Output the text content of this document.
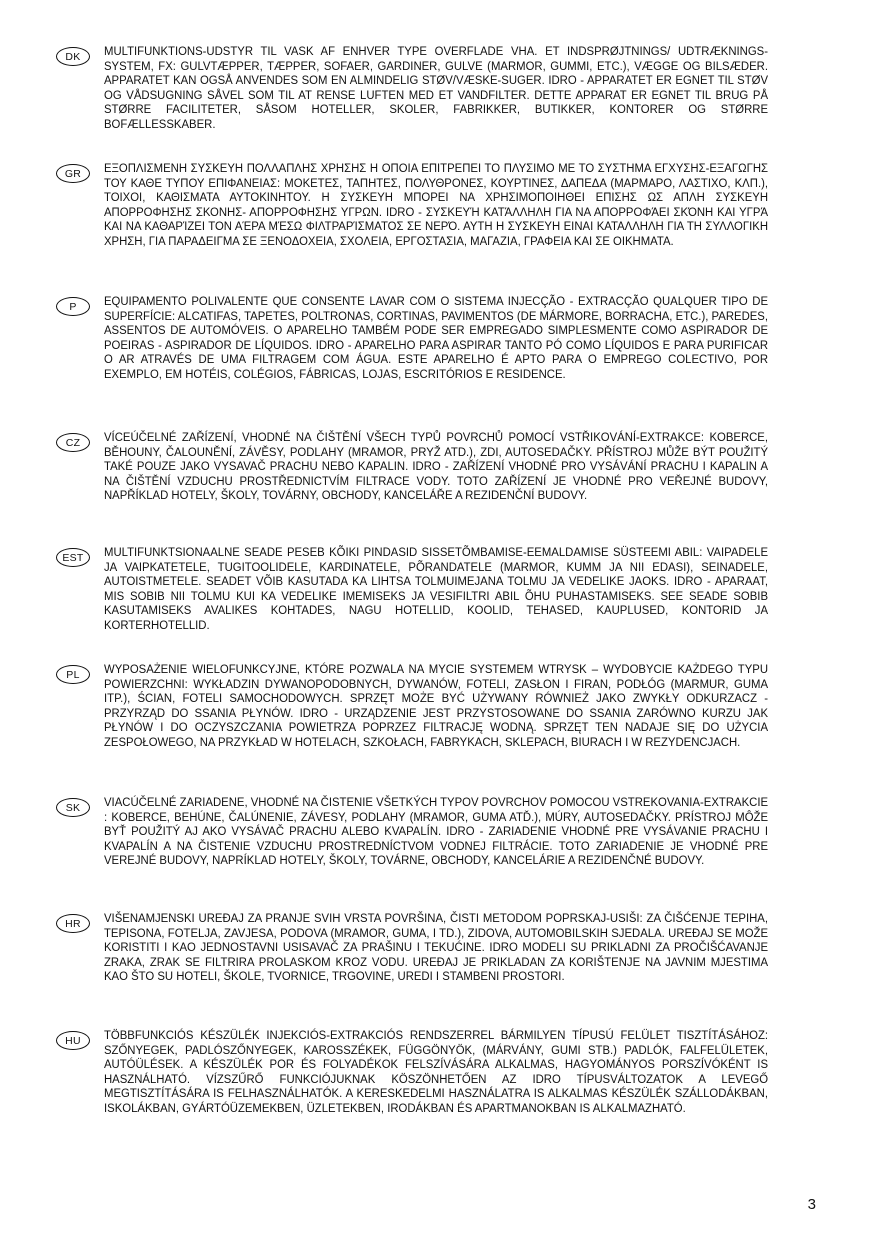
DK	MULTIFUNKTIONS-UDSTYR TIL VASK AF ENHVER TYPE OVERFLADE VHA. ET INDSPRØJTNINGS/ UDTRÆKNINGS-SYSTEM, FX: GULVTÆPPER, TÆPPER, SOFAER, GARDINER, GULVE (MARMOR, GUMMI, ETC.), VÆGGE OG BILSÆDER. APPARATET KAN OGSÅ ANVENDES SOM EN ALMINDELIG STØV/VÆSKE-SUGER. IDRO - APPARATET ER EGNET TIL STØV OG VÅDSUGNING SÅVEL SOM TIL AT RENSE LUFTEN MED ET VANDFILTER. DETTE APPARAT ER EGNET TIL BRUG PÅ STØRRE FACILITETER, SÅSOM HOTELLER, SKOLER, FABRIKKER, BUTIKKER, KONTORER OG STØRRE BOFÆLLESSKABER.
GR	ΕΞΟΠΛΙΣΜΕΝΗ ΣΥΣΚΕΥΗ ΠΟΛΛΑΠΛΗΣ ΧΡΗΣΗΣ Η ΟΠΟΙΑ ΕΠΙΤΡΕΠΕΙ ΤΟ ΠΛΥΣΙΜΟ ΜΕ ΤΟ ΣΥΣΤΗΜΑ ΕΓΧΥΣΗΣ-ΕΞΑΓΩΓΗΣ ΤΟΥ ΚΑΘΕ ΤΥΠΟΥ ΕΠΙΦΑΝΕΙΑΣ: ΜΟΚΕΤΕΣ, ΤΑΠΗΤΕΣ, ΠΟΛΥΘΡΟΝΕΣ, ΚΟΥΡΤΙΝΕΣ, ΔΑΠΕΔΑ (ΜΑΡΜΑΡΟ, ΛΑΣΤΙΧΟ, ΚΛΠ.), ΤΟΙΧΟΙ, ΚΑΘΙΣΜΑΤΑ ΑΥΤΟΚΙΝΗΤΟΥ. Η ΣΥΣΚΕΥΗ ΜΠΟΡΕΙ ΝΑ ΧΡΗΣΙΜΟΠΟΙΗΘΕΙ ΕΠΙΣΗΣ ΩΣ ΑΠΛΗ ΣΥΣΚΕΥΗ ΑΠΟΡΡΟΦΗΣΗΣ ΣΚΟΝΗΣ- ΑΠΟΡΡΟΦΗΣΗΣ ΥΓΡΩΝ. IDRO - ΣΥΣΚΕΥΉ ΚΑΤΆΛΛΗΛΗ ΓΙΑ ΝΑ ΑΠΟΡΡΟΦΆΕΙ ΣΚΌΝΗ ΚΑΙ ΥΓΡΆ ΚΑΙ ΝΑ ΚΑΘΑΡΊΖΕΙ ΤΟΝ ΑΈΡΑ ΜΈΣΩ ΦΙΛΤΡΑΡΊΣΜΑΤΟΣ ΣΕ ΝΕΡΌ. ΑΥΤΗ Η ΣΥΣΚΕΥΗ ΕΙΝΑΙ ΚΑΤΑΛΛΗΛΗ ΓΙΑ ΤΗ ΣΥΛΛΟΓΙΚΗ ΧΡΗΣΗ, ΓΙΑ ΠΑΡΑΔΕΙΓΜΑ ΣΕ ΞΕΝΟΔΟΧΕΙΑ, ΣΧΟΛΕΙΑ, ΕΡΓΟΣΤΑΣΙΑ, ΜΑΓΑΖΙΑ, ΓΡΑΦΕΙΑ ΚΑΙ ΣΕ ΟΙΚΗΜΑΤΑ.
P	EQUIPAMENTO POLIVALENTE QUE CONSENTE LAVAR COM O SISTEMA INJECÇÃO - EXTRACÇÃO QUALQUER TIPO DE SUPERFÍCIE: ALCATIFAS, TAPETES, POLTRONAS, CORTINAS, PAVIMENTOS (DE MÁRMORE, BORRACHA, ETC.), PAREDES, ASSENTOS DE AUTOMÓVEIS. O APARELHO TAMBÉM PODE SER EMPREGADO SIMPLESMENTE COMO ASPIRADOR DE POEIRAS - ASPIRADOR DE LÍQUIDOS. IDRO - APARELHO PARA ASPIRAR TANTO PÓ COMO LÍQUIDOS E PARA PURIFICAR O AR ATRAVÉS DE UMA FILTRAGEM COM ÁGUA. ESTE APARELHO É APTO PARA O EMPREGO COLECTIVO, POR EXEMPLO, EM HOTÉIS, COLÉGIOS, FÁBRICAS, LOJAS, ESCRITÓRIOS E RESIDENCE.
CZ	VÍCEÚČELNÉ ZAŘÍZENÍ, VHODNÉ NA ČIŠTĚNÍ VŠECH TYPŮ POVRCHŮ POMOCÍ VSTŘIKOVÁNÍ-EXTRAKCE: KOBERCE, BĚHOUNY, ČALOUNĚNÍ, ZÁVĚSY, PODLAHY (MRAMOR, PRYŽ ATD.), ZDI, AUTOSEDAČKY. PŘÍSTROJ MŮŽE BÝT POUŽITÝ TAKÉ POUZE JAKO VYSAVAČ PRACHU NEBO KAPALIN. IDRO - ZAŘÍZENÍ VHODNÉ PRO VYSÁVÁNÍ PRACHU I KAPALIN A NA ČIŠTĚNÍ VZDUCHU PROSTŘEDNICTVÍM FILTRACE VODY. TOTO ZAŘÍZENÍ JE VHODNÉ PRO VEŘEJNÉ BUDOVY, NAPŘÍKLAD HOTELY, ŠKOLY, TOVÁRNY, OBCHODY, KANCELÁŘE A REZIDENČNÍ BUDOVY.
EST	MULTIFUNKTSIONAALNE SEADE PESEB KÕIKI PINDASID SISSETÕMBAMISE-EEMALDAMISE SÜSTEEMI ABIL: VAIPADELE JA VAIPKATETELE, TUGITOOLIDELE, KARDINATELE, PÕRANDATELE (MARMOR, KUMM JA NII EDASI), SEINADELE, AUTOISTMETELE. SEADET VÕIB KASUTADA KA LIHTSA TOLMUIMEJANA TOLMU JA VEDELIKE JAOKS. IDRO - APARAAT, MIS SOBIB NII TOLMU KUI KA VEDELIKE IMEMISEKS JA VESIFILTRI ABIL ÕHU PUHASTAMISEKS. SEE SEADE SOBIB KASUTAMISEKS AVALIKES KOHTADES, NAGU HOTELLID, KOOLID, TEHASED, KAUPLUSED, KONTORID JA KORTERHOTELLID.
PL	WYPOSAŻENIE WIELOFUNKCYJNE, KTÓRE POZWALA NA MYCIE SYSTEMEM WTRYSK – WYDOBYCIE KAŻDEGO TYPU POWIERZCHNI: WYKŁADZIN DYWANOPODOBNYCH, DYWANÓW, FOTELI, ZASŁON I FIRAN, PODŁÓG (MARMUR, GUMA ITP.), ŚCIAN, FOTELI SAMOCHODOWYCH. SPRZĘT MOŻE BYĆ UŻYWANY RÓWNIEŻ JAKO ZWYKŁY ODKURZACZ - PRZYRZĄD DO SSANIA PŁYNÓW. IDRO - URZĄDZENIE JEST PRZYSTOSOWANE DO SSANIA ZARÓWNO KURZU JAK PŁYNÓW I DO OCZYSZCZANIA POWIETRZA POPRZEZ FILTRACJĘ WODNĄ. SPRZĘT TEN NADAJE SIĘ DO UŻYCIA ZESPOŁOWEGO, NA PRZYKŁAD W HOTELACH, SZKOŁACH, FABRYKACH, SKLEPACH, BIURACH I W REZYDENCJACH.
SK	VIACÚČELNÉ ZARIADENE, VHODNÉ NA ČISTENIE VŠETKÝCH TYPOV POVRCHOV POMOCOU VSTREKOVANIA-EXTRAKCIE : KOBERCE, BEHÚNE, ČALÚNENIE, ZÁVESY, PODLAHY (MRAMOR, GUMA ATĎ.), MÚRY, AUTOSEDAČKY. PRÍSTROJ MÔŽE BYŤ POUŽITÝ AJ AKO VYSÁVAČ PRACHU ALEBO KVAPALÍN. IDRO - ZARIADENIE VHODNÉ PRE VYSÁVANIE PRACHU I KVAPALÍN A NA ČISTENIE VZDUCHU PROSTREDNÍCTVOM VODNEJ FILTRÁCIE. TOTO ZARIADENIE JE VHODNÉ PRE VEREJNÉ BUDOVY, NAPRÍKLAD HOTELY, ŠKOLY, TOVÁRNE, OBCHODY, KANCELÁRIE A REZIDENČNÉ BUDOVY.
HR	VIŠENAMJENSKI UREĐAJ ZA PRANJE SVIH VRSTA POVRŠINA, ČISTI METODOM POPRSKAJ-USIŠI: ZA ČIŠĆENJE TEPIHA, TEPISONA, FOTELJA, ZAVJESA, PODOVA (MRAMOR, GUMA, I TD.), ZIDOVA, AUTOMOBILSKIH SJEDALA. UREĐAJ SE MOŽE KORISTITI I KAO JEDNOSTAVNI USISAVAČ ZA PRAŠINU I TEKUĆINE. IDRO MODELI SU PRIKLADNI ZA PROČIŠĆAVANJE ZRAKA, ZRAK SE FILTRIRA PROLASKOM KROZ VODU. UREĐAJ JE PRIKLADAN ZA KORIŠTENJE NA JAVNIM MJESTIMA KAO ŠTO SU HOTELI, ŠKOLE, TVORNICE, TRGOVINE, UREDI I STAMBENI PROSTORI.
HU	TÖBBFUNKCIÓS KÉSZÜLÉK INJEKCIÓS-EXTRAKCIÓS RENDSZERREL BÁRMILYEN TÍPUSÚ FELÜLET TISZTÍTÁSÁHOZ: SZŐNYEGEK, PADLÓSZŐNYEGEK, KAROSSZÉKEK, FÜGGÖNYÖK, (MÁRVÁNY, GUMI STB.) PADLÓK, FALFELÜLETEK, AUTÓÜLÉSEK. A KÉSZÜLÉK POR ÉS FOLYADÉKOK FELSZÍVÁSÁRA ALKALMAS, HAGYOMÁNYOS PORSZÍVÓKÉNT IS HASZNÁLHATÓ. VÍZSZŰRŐ FUNKCIÓJUKNAK KÖSZÖNHETŐEN AZ IDRO TÍPUSVÁLTOZATOK A LEVEGŐ MEGTISZTÍTÁSÁRA IS FELHASZNÁLHATÓK. A KERESKEDELMI HASZNÁLATRA IS ALKALMAS KÉSZÜLÉK SZÁLLODÁKBAN, ISKOLÁKBAN, GYÁRTÓÜZEMEKBEN, ÜZLETEKBEN, IRODÁKBAN ÉS APARTMANOKBAN IS ALKALMAZHATÓ.
3
